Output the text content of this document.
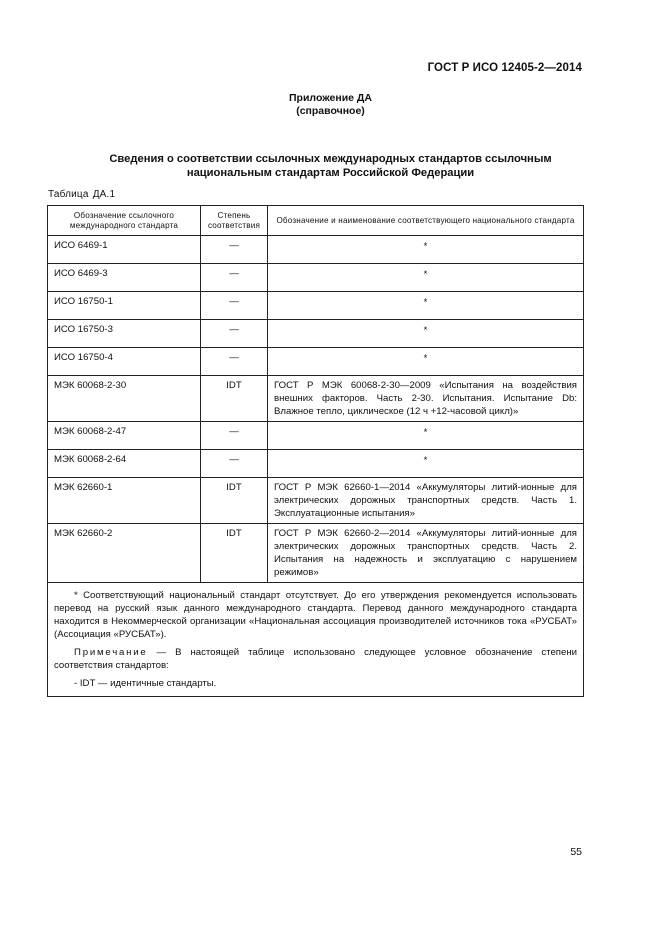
ГОСТ Р ИСО 12405-2—2014
Приложение ДА
(справочное)
Сведения о соответствии ссылочных международных стандартов ссылочным
национальным стандартам Российской Федерации
Таблица ДА.1
Обозначение ссылочного международного стандарта	Степень соответствия	Обозначение и наименование соответствующего национального стандарта
ИСО 6469-1	—	*
ИСО 6469-3	—	*
ИСО 16750-1	—	*
ИСО 16750-3	—	*
ИСО 16750-4	—	*
МЭК 60068-2-30	IDT	ГОСТ Р МЭК 60068-2-30—2009 «Испытания на воздействия внешних факторов. Часть 2-30. Испытания. Испытание Db: Влажное тепло, циклическое (12 ч +12-часовой цикл)»
МЭК 60068-2-47	—	*
МЭК 60068-2-64	—	*
МЭК 62660-1	IDT	ГОСТ Р МЭК 62660-1—2014 «Аккумуляторы литий-ионные для электрических дорожных транспортных средств. Часть 1. Эксплуатационные испытания»
МЭК 62660-2	IDT	ГОСТ Р МЭК 62660-2—2014 «Аккумуляторы литий-ионные для электрических дорожных транспортных средств. Часть 2. Испытания на надежность и эксплуатацию с нарушением режимов»

* Соответствующий национальный стандарт отсутствует. До его утверждения рекомендуется использовать перевод на русский язык данного международного стандарта. Перевод данного международного стандарта находится в Некоммерческой организации «Национальная ассоциация производителей источников тока «РУСБАТ» (Ассоциация «РУСБАТ»).

Примечание — В настоящей таблице использовано следующее условное обозначение степени соответствия стандартов:

- IDT — идентичные стандарты.		

55
